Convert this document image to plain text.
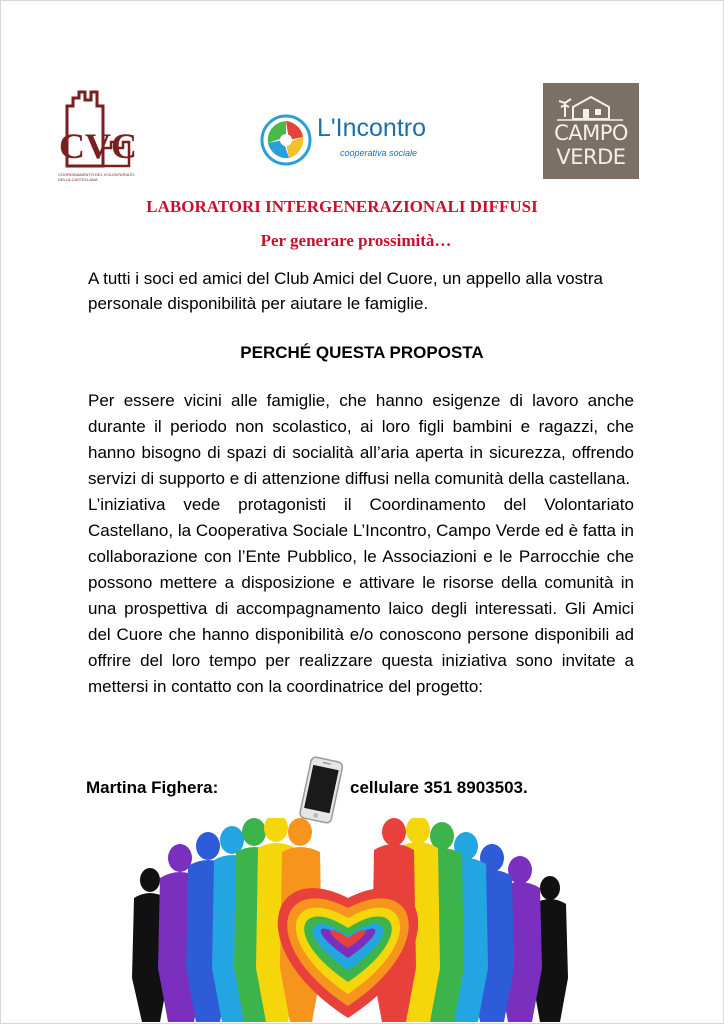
CVC
COORDINAMENTO DEL VOLONTARIATO DELLA CASTELLANA
L'Incontro
cooperativa sociale
CAMPO
VERDE
LABORATORI INTERGENERAZIONALI DIFFUSI
Per generare prossimità…
A tutti i soci ed amici del Club Amici del Cuore, un appello alla vostra personale disponibilità per aiutare le famiglie.
PERCHÉ QUESTA PROPOSTA

Per essere vicini alle famiglie, che hanno esigenze di lavoro anche durante il periodo non scolastico, ai loro figli bambini e ragazzi, che hanno bisogno di spazi di socialità all’aria aperta in sicurezza, offrendo servizi di supporto e di attenzione diffusi nella comunità della castellana.

L’iniziativa vede protagonisti il Coordinamento del Volontariato Castellano, la Cooperativa Sociale L’Incontro, Campo Verde ed è fatta in collaborazione con l’Ente Pubblico, le Associazioni e le Parrocchie che possono mettere a disposizione e attivare le risorse della comunità in una prospettiva di accompagnamento laico degli interessati. Gli Amici del Cuore che hanno disponibilità e/o conoscono persone disponibili ad offrire del loro tempo per realizzare questa iniziativa sono invitate a mettersi in contatto con la coordinatrice del progetto:

Martina Fighera:	cellulare 351 8903503.
